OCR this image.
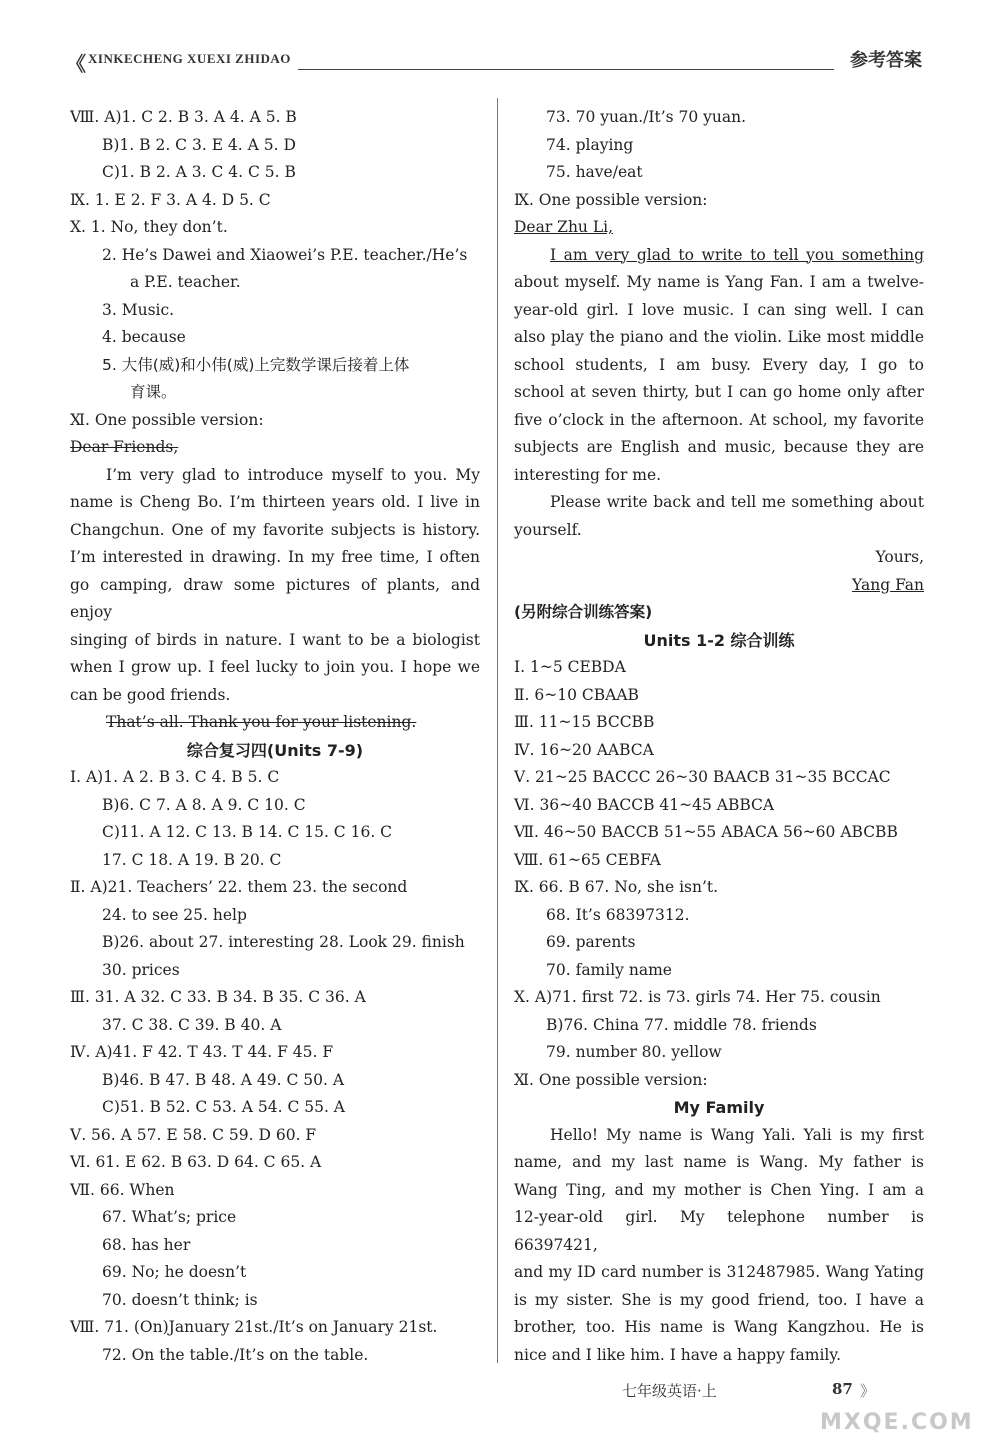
《 XINKECHENG XUEXI ZHIDAO	参考答案
Ⅷ. A)1. C 2. B 3. A 4. A 5. B
B)1. B 2. C 3. E 4. A 5. D
C)1. B 2. A 3. C 4. C 5. B
Ⅸ. 1. E 2. F 3. A 4. D 5. C
Ⅹ. 1. No, they don’t.
2. He’s Dawei and Xiaowei’s P.E. teacher./He’s
a P.E. teacher.
3. Music.
4. because
5. 大伟(威)和小伟(威)上完数学课后接着上体
育课。
Ⅺ. One possible version:
Dear Friends,
I’m very glad to introduce myself to you. My
name is Cheng Bo. I’m thirteen years old. I live in
Changchun. One of my favorite subjects is history.
I’m interested in drawing. In my free time, I often
go camping, draw some pictures of plants, and enjoy
singing of birds in nature. I want to be a biologist
when I grow up. I feel lucky to join you. I hope we
can be good friends.
That’s all. Thank you for your listening.
综合复习四(Units 7-9)
Ⅰ. A)1. A 2. B 3. C 4. B 5. C
B)6. C 7. A 8. A 9. C 10. C
C)11. A 12. C 13. B 14. C 15. C 16. C
17. C 18. A 19. B 20. C
Ⅱ. A)21. Teachers’ 22. them 23. the second
24. to see 25. help
B)26. about 27. interesting 28. Look 29. finish
30. prices
Ⅲ. 31. A 32. C 33. B 34. B 35. C 36. A
37. C 38. C 39. B 40. A
Ⅳ. A)41. F 42. T 43. T 44. F 45. F
B)46. B 47. B 48. A 49. C 50. A
C)51. B 52. C 53. A 54. C 55. A
Ⅴ. 56. A 57. E 58. C 59. D 60. F
Ⅵ. 61. E 62. B 63. D 64. C 65. A
Ⅶ. 66. When
67. What’s; price
68. has her
69. No; he doesn’t
70. doesn’t think; is
Ⅷ. 71. (On)January 21st./It’s on January 21st.
72. On the table./It’s on the table.
73. 70 yuan./It’s 70 yuan.
74. playing
75. have/eat
Ⅸ. One possible version:
Dear Zhu Li,
I am very glad to write to tell you something
about myself. My name is Yang Fan. I am a twelve-
year-old girl. I love music. I can sing well. I can
also play the piano and the violin. Like most middle
school students, I am busy. Every day, I go to
school at seven thirty, but I can go home only after
five o’clock in the afternoon. At school, my favorite
subjects are English and music, because they are
interesting for me.
Please write back and tell me something about
yourself.
Yours,
Yang Fan
(另附综合训练答案)
Units 1-2 综合训练
Ⅰ. 1~5 CEBDA
Ⅱ. 6~10 CBAAB
Ⅲ. 11~15 BCCBB
Ⅳ. 16~20 AABCA
Ⅴ. 21~25 BACCC 26~30 BAACB 31~35 BCCAC
Ⅵ. 36~40 BACCB 41~45 ABBCA
Ⅶ. 46~50 BACCB 51~55 ABACA 56~60 ABCBB
Ⅷ. 61~65 CEBFA
Ⅸ. 66. B 67. No, she isn’t.
68. It’s 68397312.
69. parents
70. family name
Ⅹ. A)71. first 72. is 73. girls 74. Her 75. cousin
B)76. China 77. middle 78. friends
79. number 80. yellow
Ⅺ. One possible version:
My Family
Hello! My name is Wang Yali. Yali is my first
name, and my last name is Wang. My father is
Wang Ting, and my mother is Chen Ying. I am a
12-year-old girl. My telephone number is 66397421,
and my ID card number is 312487985. Wang Yating
is my sister. She is my good friend, too. I have a
brother, too. His name is Wang Kangzhou. He is
nice and I like him. I have a happy family.
七年级英语·上	87 》
MXQE.COM
